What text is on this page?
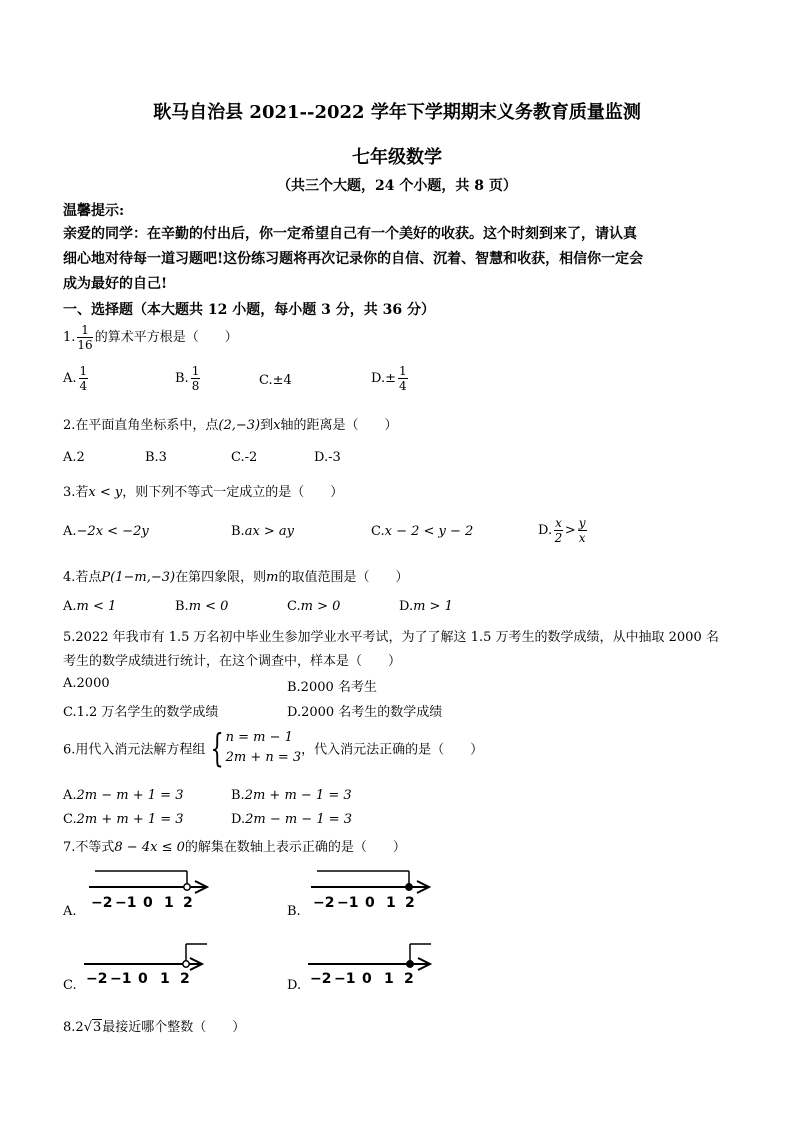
耿马自治县 2021--2022 学年下学期期末义务教育质量监测
七年级数学
（共三个大题，24 个小题，共 8 页）
温馨提示:
亲爱的同学：在辛勤的付出后，你一定希望自己有一个美好的收获。这个时刻到来了，请认真
细心地对待每一道习题吧!这份练习题将再次记录你的自信、沉着、智慧和收获，相信你一定会
成为最好的自己!
一、选择题（本大题共 12 小题，每小题 3 分，共 36 分）
1. $\frac{1}{16}$ 的算术平方根是（　　）
A. $\frac{1}{4}$	B. $\frac{1}{8}$	C.±4	$D.\pm \frac{1}{4}$
2.在平面直角坐标系中，点(2,−3)到x轴的距离是（　　）
A.2	B.3	C.-2	D.-3
3.若x < y，则下列不等式一定成立的是（　　）
A.−2x < −2y	B.ax > ay	C.x − 2 < y − 2	D. $\frac{x}{2} > \frac{y}{x}$
4.若点P(1−m,−3)在第四象限，则m的取值范围是（　　）
A.m < 1	B.m < 0	C.m > 0	D.m > 1
5.2022 年我市有 1.5 万名初中毕业生参加学业水平考试，为了了解这 1.5 万考生的数学成绩，从中抽取 2000 名
考生的数学成绩进行统计，在这个调查中，样本是（　　）
A.2000	B.2000 名考生
C.1.2 万名学生的数学成绩	D.2000 名考生的数学成绩
6.用代入消元法解方程组 { n = m − 1
2m + n = 3 ，代入消元法正确的是（　　）
A.2m − m + 1 = 3	B.2m + m − 1 = 3
C.2m + m + 1 = 3	D.2m − m − 1 = 3
7.不等式8 − 4x ≤ 0的解集在数轴上表示正确的是（　　）
A.
−2 −1 0 1 2
B.
−2 −1 0 1 2
C. −2 −1 0 1 2	D. −2 −1 0 1 2
8.2√3最接近哪个整数（　　）
